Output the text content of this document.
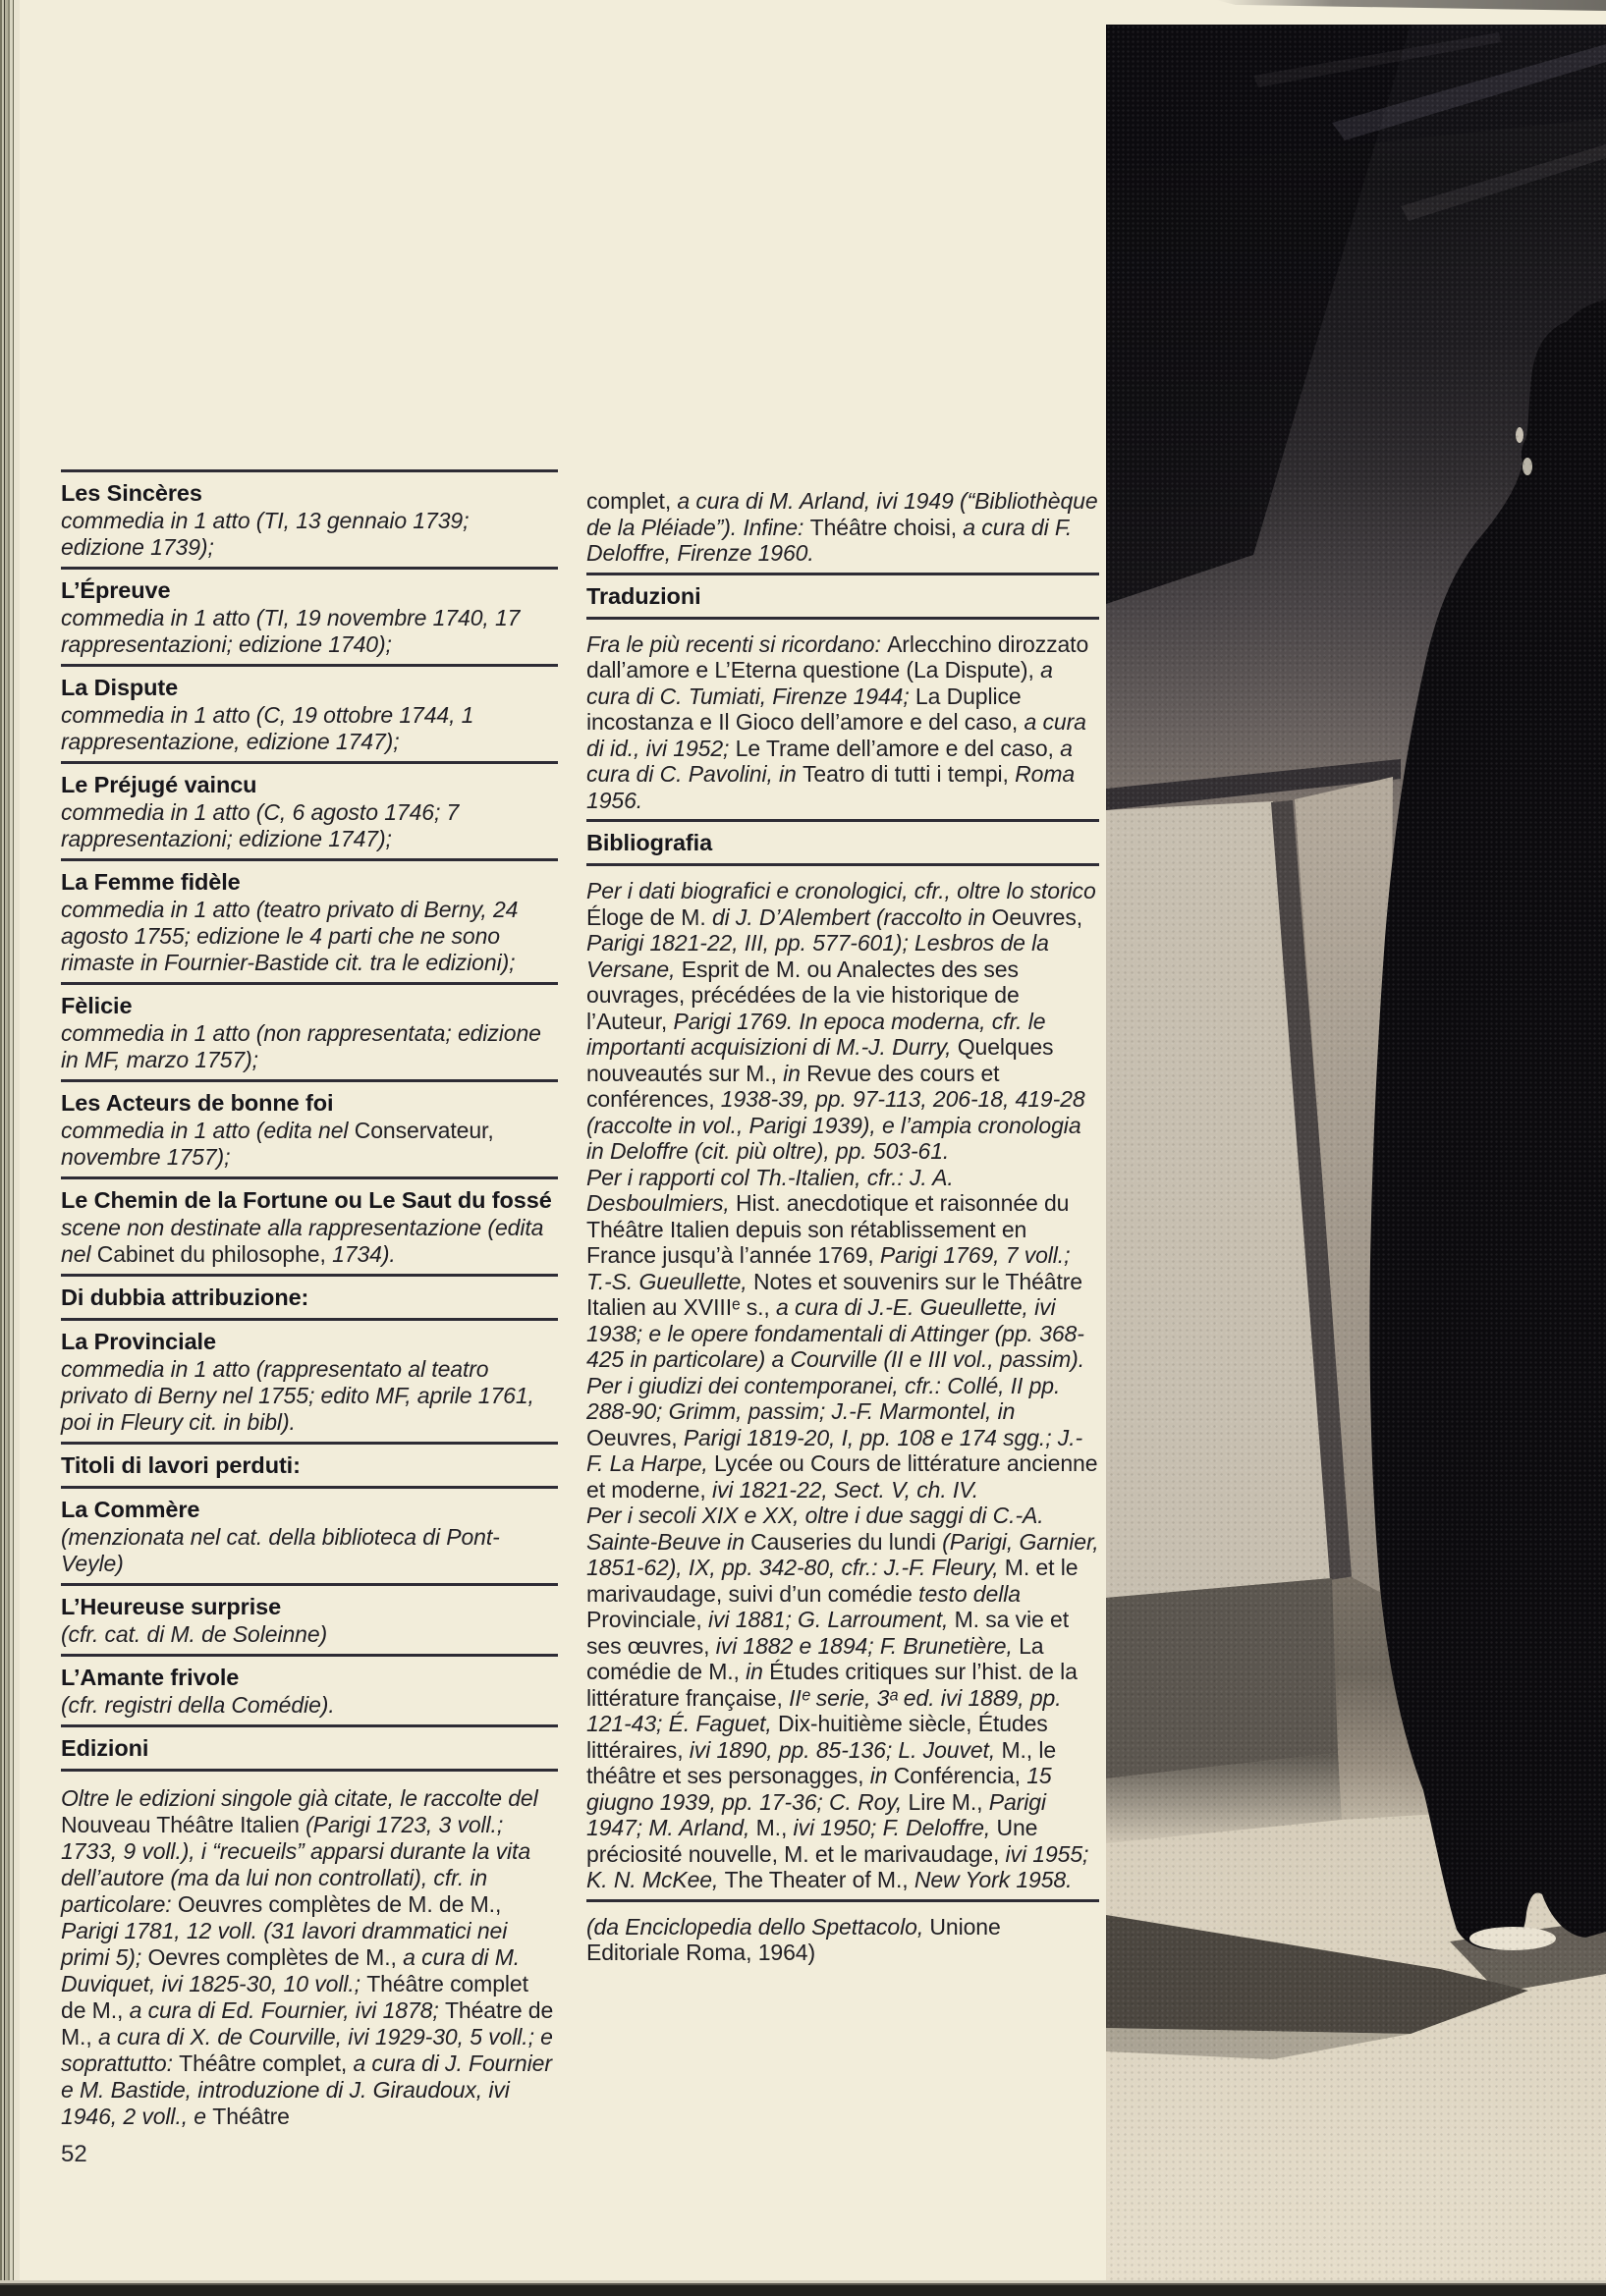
Les Sincères

commedia in 1 atto (TI, 13 gennaio 1739; edizione 1739);

L’Épreuve

commedia in 1 atto (TI, 19 novembre 1740, 17 rappresentazioni; edizione 1740);

La Dispute

commedia in 1 atto (C, 19 ottobre 1744, 1 rappresentazione, edizione 1747);

Le Préjugé vaincu

commedia in 1 atto (C, 6 agosto 1746; 7 rappresentazioni; edizione 1747);

La Femme fidèle

commedia in 1 atto (teatro privato di Berny, 24 agosto 1755; edizione le 4 parti che ne sono rimaste in Fournier-Bastide cit. tra le edizioni);

Fèlicie

commedia in 1 atto (non rappresentata; edizione in MF, marzo 1757);

Les Acteurs de bonne foi

commedia in 1 atto (edita nel Conservateur, novembre 1757);

Le Chemin de la Fortune ou Le Saut du fossé

scene non destinate alla rappresentazione (edita nel Cabinet du philosophe, 1734).

Di dubbia attribuzione:
La Provinciale

commedia in 1 atto (rappresentato al teatro privato di Berny nel 1755; edito MF, aprile 1761, poi in Fleury cit. in bibl).

Titoli di lavori perduti:
La Commère

(menzionata nel cat. della biblioteca di Pont-Veyle)

L’Heureuse surprise

(cfr. cat. di M. de Soleinne)

L’Amante frivole

(cfr. registri della Comédie).

Edizioni

Oltre le edizioni singole già citate, le raccolte del Nouveau Théâtre Italien (Parigi 1723, 3 voll.; 1733, 9 voll.), i “recueils” apparsi durante la vita dell’autore (ma da lui non controllati), cfr. in particolare: Oeuvres complètes de M. de M., Parigi 1781, 12 voll. (31 lavori drammatici nei primi 5); Oevres complètes de M., a cura di M. Duviquet, ivi 1825-30, 10 voll.; Théâtre complet de M., a cura di Ed. Fournier, ivi 1878; Théatre de M., a cura di X. de Courville, ivi 1929-30, 5 voll.; e soprattutto: Théâtre complet, a cura di J. Fournier e M. Bastide, introduzione di J. Giraudoux, ivi 1946, 2 voll., e Théâtre

52

complet, a cura di M. Arland, ivi 1949 (“Bibliothèque de la Pléiade”). Infine: Théâtre choisi, a cura di F. Deloffre, Firenze 1960.

Traduzioni

Fra le più recenti si ricordano: Arlecchino dirozzato dall’amore e L’Eterna questione (La Dispute), a cura di C. Tumiati, Firenze 1944; La Duplice incostanza e Il Gioco dell’amore e del caso, a cura di id., ivi 1952; Le Trame dell’amore e del caso, a cura di C. Pavolini, in Teatro di tutti i tempi, Roma 1956.

Bibliografia

Per i dati biografici e cronologici, cfr., oltre lo storico Éloge de M. di J. D’Alembert (raccolto in Oeuvres, Parigi 1821-22, III, pp. 577-601); Lesbros de la Versane, Esprit de M. ou Analectes des ses ouvrages, précédées de la vie historique de l’Auteur, Parigi 1769. In epoca moderna, cfr. le importanti acquisizioni di M.-J. Durry, Quelques nouveautés sur M., in Revue des cours et conférences, 1938-39, pp. 97-113, 206-18, 419-28 (raccolte in vol., Parigi 1939), e l’ampia cronologia in Deloffre (cit. più oltre), pp. 503-61.

Per i rapporti col Th.-Italien, cfr.: J. A. Desboulmiers, Hist. anecdotique et raisonnée du Théâtre Italien depuis son rétablissement en France jusqu’à l’année 1769, Parigi 1769, 7 voll.; T.-S. Gueullette, Notes et souvenirs sur le Théâtre Italien au XVIIIᵉ s., a cura di J.-E. Gueullette, ivi 1938; e le opere fondamentali di Attinger (pp. 368-425 in particolare) a Courville (II e III vol., passim).

Per i giudizi dei contemporanei, cfr.: Collé, II pp. 288-90; Grimm, passim; J.-F. Marmontel, in Oeuvres, Parigi 1819-20, I, pp. 108 e 174 sgg.; J.-F. La Harpe, Lycée ou Cours de littérature ancienne et moderne, ivi 1821-22, Sect. V, ch. IV.

Per i secoli XIX e XX, oltre i due saggi di C.-A. Sainte-Beuve in Causeries du lundi (Parigi, Garnier, 1851-62), IX, pp. 342-80, cfr.: J.-F. Fleury, M. et le marivaudage, suivi d’un comédie testo della Provinciale, ivi 1881; G. Larroument, M. sa vie et ses œuvres, ivi 1882 e 1894; F. Brunetière, La comédie de M., in Études critiques sur l’hist. de la littérature française, IIᵉ serie, 3ᵃ ed. ivi 1889, pp. 121-43; É. Faguet, Dix-huitième siècle, Études littéraires, ivi 1890, pp. 85-136; L. Jouvet, M., le théâtre et ses personagges, in Conférencia, 15 giugno 1939, pp. 17-36; C. Roy, Lire M., Parigi 1947; M. Arland, M., ivi 1950; F. Deloffre, Une préciosité nouvelle, M. et le marivaudage, ivi 1955; K. N. McKee, The Theater of M., New York 1958.

(da Enciclopedia dello Spettacolo, Unione Editoriale Roma, 1964)
